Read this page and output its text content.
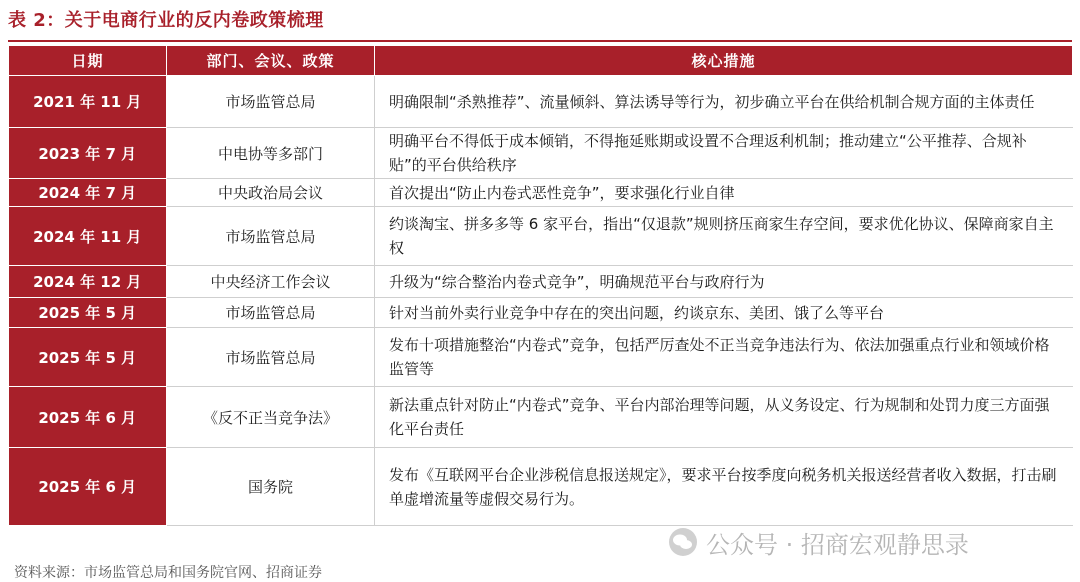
表 2：关于电商行业的反内卷政策梳理
日期	部门、会议、政策	核心措施
2021 年 11 月	市场监管总局	明确限制“杀熟推荐”、流量倾斜、算法诱导等行为，初步确立平台在供给机制合规方面的主体责任
2023 年 7 月	中电协等多部门	明确平台不得低于成本倾销，不得拖延账期或设置不合理返利机制；推动建立“公平推荐、合规补贴”的平台供给秩序
2024 年 7 月	中央政治局会议	首次提出“防止内卷式恶性竞争”，要求强化行业自律
2024 年 11 月	市场监管总局	约谈淘宝、拼多多等 6 家平台，指出“仅退款”规则挤压商家生存空间，要求优化协议、保障商家自主权
2024 年 12 月	中央经济工作会议	升级为“综合整治内卷式竞争”，明确规范平台与政府行为
2025 年 5 月	市场监管总局	针对当前外卖行业竞争中存在的突出问题，约谈京东、美团、饿了么等平台
2025 年 5 月	市场监管总局	发布十项措施整治“内卷式”竞争，包括严厉查处不正当竞争违法行为、依法加强重点行业和领域价格监管等
2025 年 6 月	《反不正当竞争法》	新法重点针对防止“内卷式”竞争、平台内部治理等问题，从义务设定、行为规制和处罚力度三方面强化平台责任
2025 年 6 月	国务院	发布《互联网平台企业涉税信息报送规定》，要求平台按季度向税务机关报送经营者收入数据，打击刷单虚增流量等虚假交易行为。
资料来源：市场监管总局和国务院官网、招商证券
公众号 · 招商宏观静思录
